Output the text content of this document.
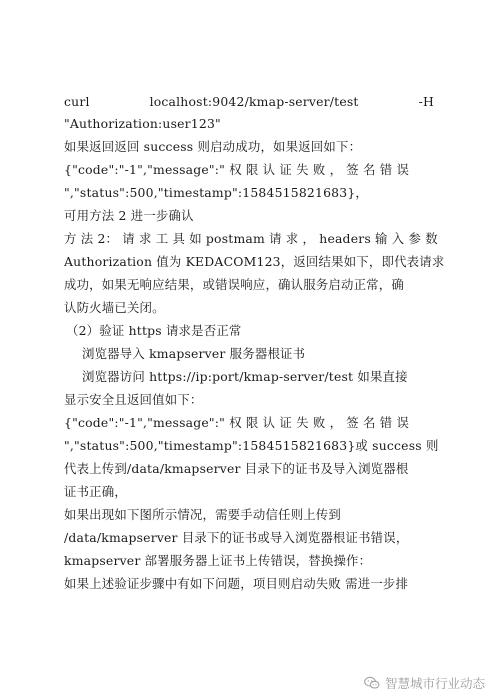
curl	localhost:9042/kmap-server/test	-H
"Authorization:user123"
如果返回返回 success 则启动成功，如果返回如下：
{"code":"-1","message":" 权 限 认 证 失 败 ， 签 名 错 误
","status":500,"timestamp":1584515821683}，
可用方法 2 进一步确认
方 法 2： 请 求 工 具 如 postmam 请 求 ， headers 输 入 参 数
Authorization 值为 KEDACOM123，返回结果如下，即代表请求
成功，如果无响应结果，或错误响应，确认服务启动正常，确
认防火墙已关闭。
（2）验证 https 请求是否正常
浏览器导入 kmapserver 服务器根证书
浏览器访问 https://ip:port/kmap-server/test 如果直接
显示安全且返回值如下：
{"code":"-1","message":" 权 限 认 证 失 败 ， 签 名 错 误
","status":500,"timestamp":1584515821683}或 success 则
代表上传到/data/kmapserver 目录下的证书及导入浏览器根
证书正确，
如果出现如下图所示情况，需要手动信任则上传到
/data/kmapserver 目录下的证书或导入浏览器根证书错误，
kmapserver 部署服务器上证书上传错误，替换操作：
如果上述验证步骤中有如下问题，项目则启动失败 需进一步排
智慧城市行业动态
